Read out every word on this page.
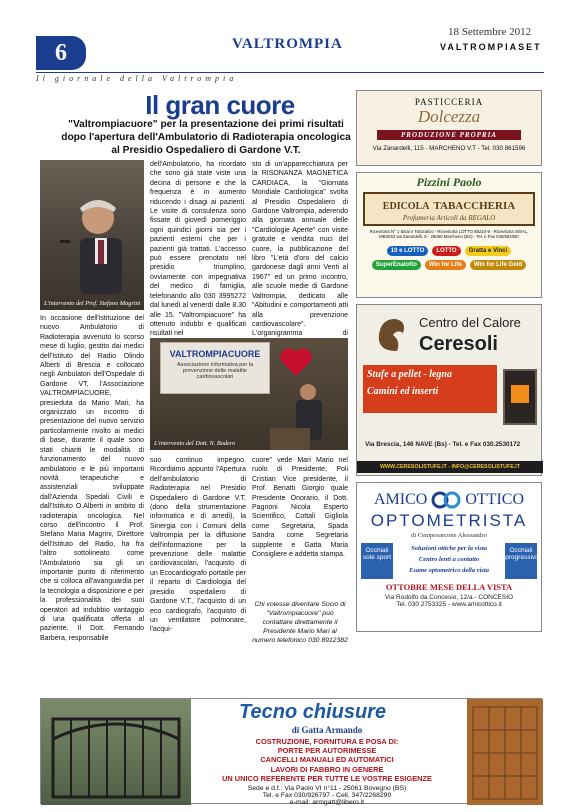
6	VALTROMPIA
18 Settembre 2012
VALTROMPIASET
Il giornale della Valtrompia
Il gran cuore
"Valtrompiacuore" per la presentazione dei primi risultati dopo l'apertura dell'Ambulatorio di Radioterapia oncologica al Presidio Ospedaliero di Gardone V.T.
L'intervento del Prof. Stefano Magrini
In occasione dell'istituzione del nuovo Ambulatorio di Radioterapia avvenuto lo scorso mese di luglio, gestito dai medici dell'Istituto del Radio Olindo Alberti di Brescia e collocato negli Ambulatori dell'Ospedale di Gardone VT, l'Associazione VALTROMPIACUORE, presieduta da Mario Mari, ha organizzato un incontro di presentazione del nuovo servizio particolarmente rivolto ai medici di base, durante il quale sono stati chiariti le modalità di funzionamento del nuovo ambulatorio e le più importanti novità terapeutiche e assistenziali sviluppate dall'Azienda Spedali Civili e dall'Istituto O.Alberti in ambito di radioterapia oncologica. Nel corso dell'incontro il Prof. Stefano Maria Magrini, Direttore dell'Istituto del Radio, ha fra l'altro sottolineato come l'Ambulatorio sia gli un importante punto di riferimento che si colloca all'avanguardia per la tecnologia a disposizione e per la professionalità dei suoi operatori ad indubbio vantaggio di una qualificata offerta al paziente. Il Dott. Fernando Barbera, responsabile
dell'Ambulatorio, ha ricordato che sono già state viste una decina di persone e che la frequenza è in aumento riducendo i disagi ai pazienti. Le visite di consulenza sono fissate di giovedì pomeriggio ogni quindici giorni sia per i pazienti esterni che per i pazienti già trattati. L'accesso può essere prenotato nel presidio triumplino, ovviamente con impegnativa del medico di famiglia, telefonando allo 030 3995272 dal lunedì al venerdì dalle 8.30 alle 15. "Valtrompiacuore" ha ottenuto indubbi e qualificati risultati nel
sto di un'apparecchiatura per la RISONANZA MAGNETICA CARDIACA, la "Giornata Mondiale Cardiologica" svolta al Presidio Ospedaliero di Gardone Valtrompia, aderendo alla giornata annuale delle "Cardiologie Aperte" con visite gratuite e vendita nuci del cuore, la pubblicazione del libro "L'età d'oro del calcio gardonese dagli anni Venti al 1967" ed un primo incontro, alle scuole medie di Gardone Valtrompia, dedicato alle "Abitudini e comportamenti atti alla prevenzione cardiovascolare". L'organigramma di
VALTROMPIACUORE
Associazione informativa per la prevenzione delle malattie cardiovascolari
L'intervento del Dott. N. Bodero
suo continuo impegno. Ricordiamo appunto l'Apertura dell'ambulatorio di Radioterapia nel Presidio Ospedaliero di Gardone V.T. (dono della strumentazione informatica e di arredi), la Sinergia con i Comuni della Valtrompia per la diffusione dell'informazione per la prevenzione delle malattie cardiovascolari, l'acquisto di un Ecocardiografo portatile per il reparto di Cardiologia del presidio ospedaliero di Gardone V.T., l'acquisto di un eco cardiografo, l'acquisto di un ventilatore polmonare, l'acqui-
cuore" vede Mari Mario nel ruolo di Presidente, Poli Cristian Vice presidente, il Prof. Benatti Giorgio quale Presidente Onorario, il Dott. Pagnoni Nicola Esperto Scientifico, Cottali Gigliola come Segretaria, Spada Sandra come Segretaria supplente e Gatta Maria Consigliere e addetta stampa.
Chi volesse diventare Socio di "Valtrompiacuore" può contattare direttamente il Presidente Mario Mari al numero telefonico 030 8912382
PASTICCERIA
Dolcezza
PRODUZIONE PROPRIA
Via Zanardelli, 115 - MARCHENO V.T - Tel. 030 861596
Pizzini Paolo
EDICOLA TABACCHERIA
Profumeria Articoli da REGALO
Ricevitoria N° 1 Sisal e Totocalcio - Ricevitoria LOTTO 88210-9 - Ricevitoria SISAL, MB3043 via Zanardelli, 8 - 25060 Marcheno (BS) - Tel. e Fax 030/861050
10 e LOTTO	LOTTO	Gratta e Vinci
SuperEnalotto	Win for Life	Win for Life Gold
Centro del Calore
Ceresoli
Stufe a pellet - legna
Camini ed inserti
Via Brescia, 146 NAVE (Bs) - Tel. e Fax 030.2530172
WWW.CERESOLISTUFE.IT - INFO@CERESOLISTUFE.IT
AMICO OTTICO
OPTOMETRISTA
di Cemposarcone Alessandro
Occhiali sole sport
Soluzioni ottiche per la vista
Centro lenti a contatto
Esame optometrico della vista
Occhiali progressivi
OTTOBRE MESE DELLA VISTA
Via Rodolfo da Concesio, 12/a - CONCESIO
Tel. 030 2753325 - www.amicottico.it
Tecno chiusure
di Gatta Armando
COSTRUZIONE, FORNITURA E POSA DI:
PORTE PER AUTORIMESSE
CANCELLI MANUALI ED AUTOMATICI
LAVORI DI FABBRO IN GENERE
UN UNICO REFERENTE PER TUTTE LE VOSTRE ESIGENZE
Sede e d.f.: Via Paolo VI n°11 - 25061 Bovegno (BS)
Tel. e Fax 030/926797 - Cell. 347/2268290
e-mail: armgatt@libero.it
